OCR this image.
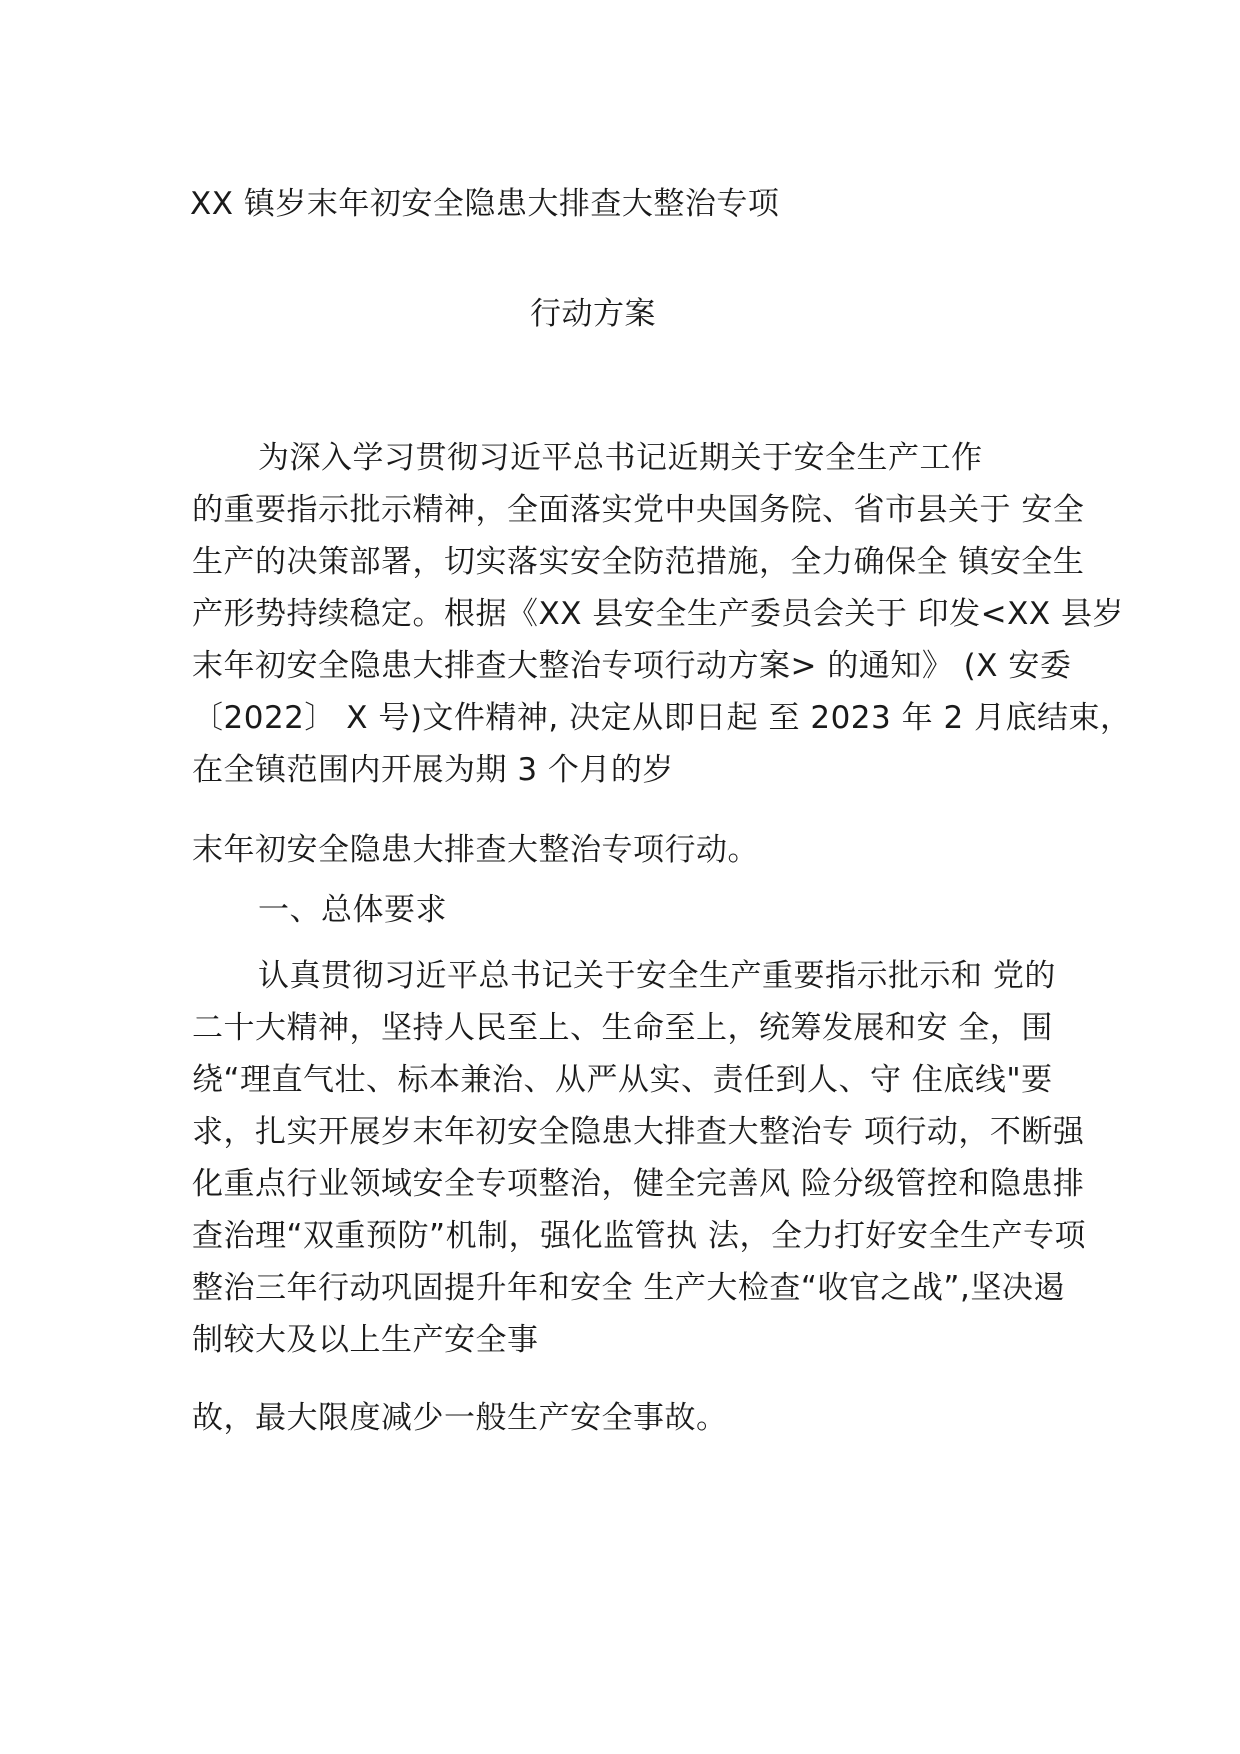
XX 镇岁末年初安全隐患大排查大整治专项
行动方案
为深入学习贯彻习近平总书记近期关于安全生产工作
的重要指示批示精神，全面落实党中央国务院、省市县关于 安全
生产的决策部署，切实落实安全防范措施，全力确保全 镇安全生
产形势持续稳定。根据《XX 县安全生产委员会关于 印发<XX 县岁
末年初安全隐患大排查大整治专项行动方案> 的通知》 (X 安委
〔2022〕 X 号)文件精神, 决定从即日起 至 2023 年 2 月底结束，
在全镇范围内开展为期 3 个月的岁
末年初安全隐患大排查大整治专项行动。
一、总体要求
认真贯彻习近平总书记关于安全生产重要指示批示和 党的
二十大精神，坚持人民至上、生命至上，统筹发展和安 全，围
绕“理直气壮、标本兼治、从严从实、责任到人、守 住底线"要
求，扎实开展岁末年初安全隐患大排查大整治专 项行动，不断强
化重点行业领域安全专项整治，健全完善风 险分级管控和隐患排
查治理“双重预防”机制，强化监管执 法，全力打好安全生产专项
整治三年行动巩固提升年和安全 生产大检查“收官之战”,坚决遏
制较大及以上生产安全事
故，最大限度减少一般生产安全事故。
